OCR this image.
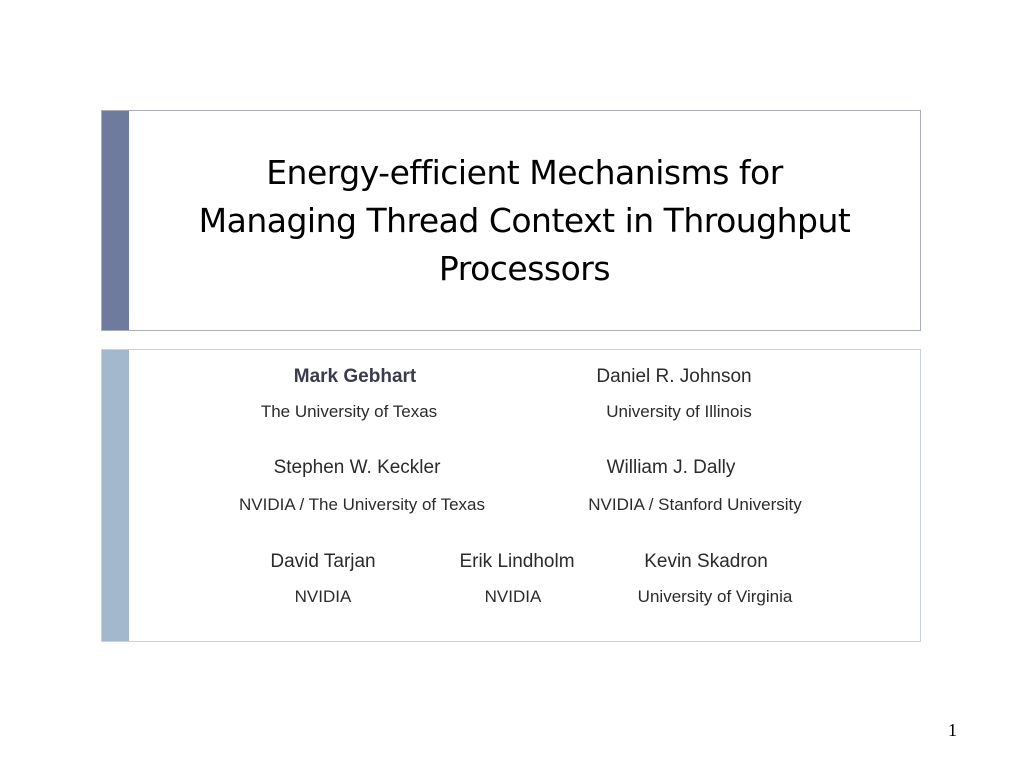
Energy-efficient Mechanisms for
Managing Thread Context in Throughput
Processors
Mark Gebhart
The University of Texas
Daniel R. Johnson
University of Illinois
Stephen W. Keckler
NVIDIA / The University of Texas
William J. Dally
NVIDIA / Stanford University
David Tarjan
NVIDIA
Erik Lindholm
NVIDIA
Kevin Skadron
University of Virginia
1
